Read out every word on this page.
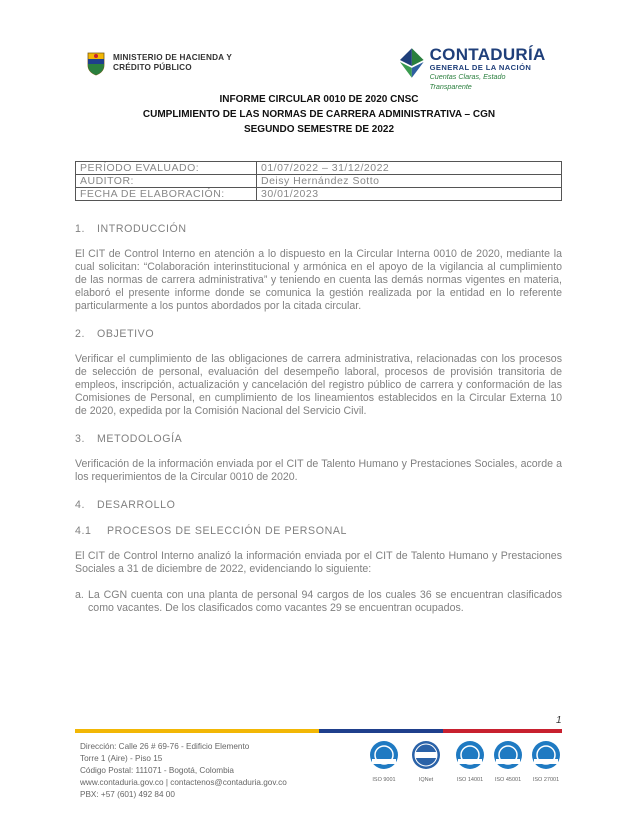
MINISTERIO DE HACIENDA Y
CRÉDITO PÚBLICO
CONTADURÍA
GENERAL DE LA NACIÓN
Cuentas Claras, Estado Transparente
INFORME CIRCULAR 0010 DE 2020 CNSC
CUMPLIMIENTO DE LAS NORMAS DE CARRERA ADMINISTRATIVA – CGN
SEGUNDO SEMESTRE DE 2022
PERÍODO EVALUADO:	01/07/2022 – 31/12/2022
AUDITOR:	Deisy Hernández Sotto
FECHA DE ELABORACIÓN:	30/01/2023
1. INTRODUCCIÓN

El CIT de Control Interno en atención a lo dispuesto en la Circular Interna 0010 de 2020, mediante la cual solicitan: “Colaboración interinstitucional y armónica en el apoyo de la vigilancia al cumplimiento de las normas de carrera administrativa” y teniendo en cuenta las demás normas vigentes en materia, elaboró el presente informe donde se comunica la gestión realizada por la entidad en lo referente particularmente a los puntos abordados por la citada circular.

2. OBJETIVO

Verificar el cumplimiento de las obligaciones de carrera administrativa, relacionadas con los procesos de selección de personal, evaluación del desempeño laboral, procesos de provisión transitoria de empleos, inscripción, actualización y cancelación del registro público de carrera y conformación de las Comisiones de Personal, en cumplimiento de los lineamientos establecidos en la Circular Externa 10 de 2020, expedida por la Comisión Nacional del Servicio Civil.

3. METODOLOGÍA

Verificación de la información enviada por el CIT de Talento Humano y Prestaciones Sociales, acorde a los requerimientos de la Circular 0010 de 2020.

4. DESARROLLO
4.1 PROCESOS DE SELECCIÓN DE PERSONAL

El CIT de Control Interno analizó la información enviada por el CIT de Talento Humano y Prestaciones Sociales a 31 de diciembre de 2022, evidenciando lo siguiente:

a. La CGN cuenta con una planta de personal 94 cargos de los cuales 36 se encuentran clasificados como vacantes. De los clasificados como vacantes 29 se encuentran ocupados.
1
Dirección: Calle 26 # 69-76 - Edificio Elemento
Torre 1 (Aire) - Piso 15
Código Postal: 111071 - Bogotá, Colombia
www.contaduria.gov.co | contactenos@contaduria.gov.co
PBX: +57 (601) 492 84 00
ISO 9001	IQNet	ISO 14001	ISO 45001	ISO 27001
